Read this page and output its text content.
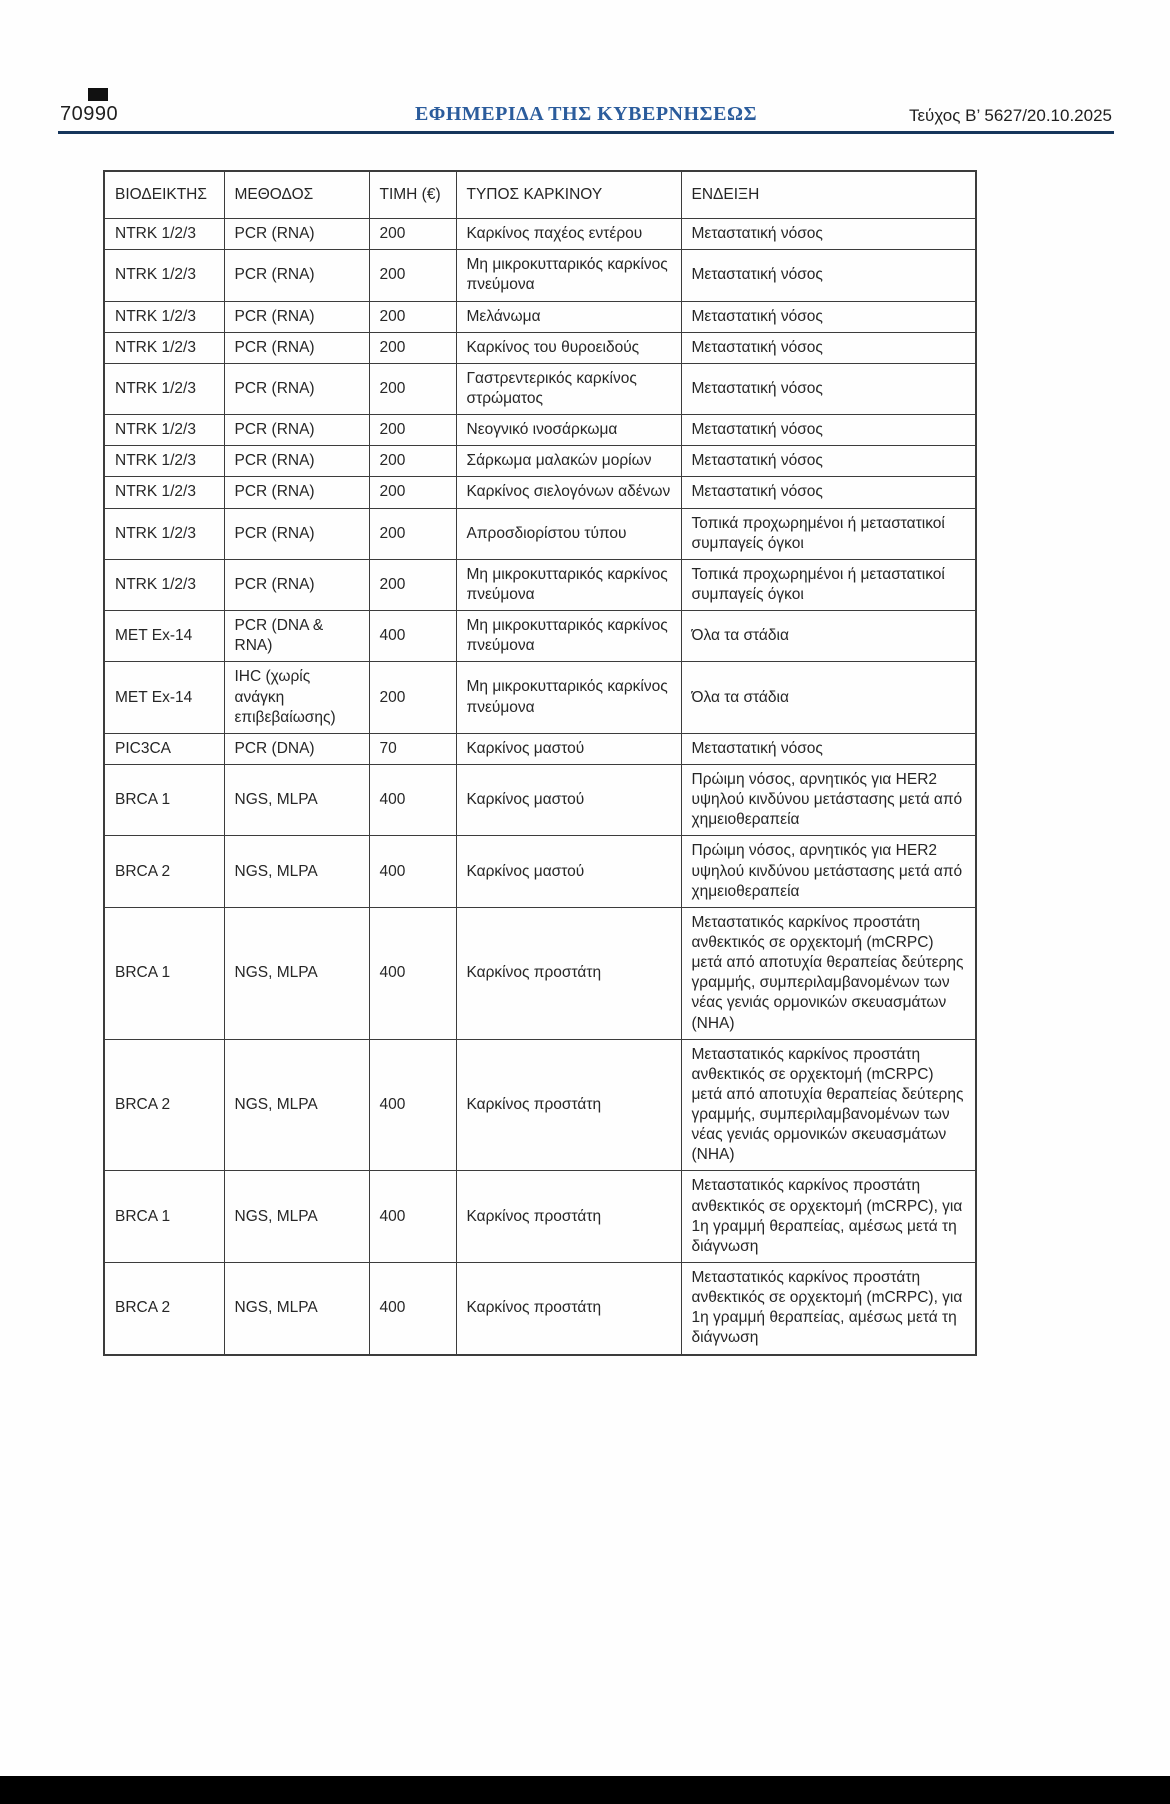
70990	ΕΦΗΜΕΡΙΔΑ ΤΗΣ ΚΥΒΕΡΝΗΣΕΩΣ	Τεύχος Β’ 5627/20.10.2025
ΒΙΟΔΕΙΚΤΗΣ	ΜΕΘΟΔΟΣ	ΤΙΜΗ (€)	ΤΥΠΟΣ ΚΑΡΚΙΝΟΥ	ΕΝΔΕΙΞΗ
NTRK 1/2/3	PCR (RNA)	200	Καρκίνος παχέος εντέρου	Μεταστατική νόσος
NTRK 1/2/3	PCR (RNA)	200	Μη μικροκυτταρικός καρκίνος πνεύμονα	Μεταστατική νόσος
NTRK 1/2/3	PCR (RNA)	200	Μελάνωμα	Μεταστατική νόσος
NTRK 1/2/3	PCR (RNA)	200	Καρκίνος του θυροειδούς	Μεταστατική νόσος
NTRK 1/2/3	PCR (RNA)	200	Γαστρεντερικός καρκίνος στρώματος	Μεταστατική νόσος
NTRK 1/2/3	PCR (RNA)	200	Νεογνικό ινοσάρκωμα	Μεταστατική νόσος
NTRK 1/2/3	PCR (RNA)	200	Σάρκωμα μαλακών μορίων	Μεταστατική νόσος
NTRK 1/2/3	PCR (RNA)	200	Καρκίνος σιελογόνων αδένων	Μεταστατική νόσος
NTRK 1/2/3	PCR (RNA)	200	Απροσδιορίστου τύπου	Τοπικά προχωρημένοι ή μεταστατικοί συμπαγείς όγκοι
NTRK 1/2/3	PCR (RNA)	200	Μη μικροκυτταρικός καρκίνος πνεύμονα	Τοπικά προχωρημένοι ή μεταστατικοί συμπαγείς όγκοι
MET Ex-14	PCR (DNA & RNA)	400	Μη μικροκυτταρικός καρκίνος πνεύμονα	Όλα τα στάδια
MET Ex-14	IHC (χωρίς ανάγκη επιβεβαίωσης)	200	Μη μικροκυτταρικός καρκίνος πνεύμονα	Όλα τα στάδια
PIC3CA	PCR (DNA)	70	Καρκίνος μαστού	Μεταστατική νόσος
BRCA 1	NGS, MLPA	400	Καρκίνος μαστού	Πρώιμη νόσος, αρνητικός για HER2 υψηλού κινδύνου μετάστασης μετά από χημειοθεραπεία
BRCA 2	NGS, MLPA	400	Καρκίνος μαστού	Πρώιμη νόσος, αρνητικός για HER2 υψηλού κινδύνου μετάστασης μετά από χημειοθεραπεία
BRCA 1	NGS, MLPA	400	Καρκίνος προστάτη	Μεταστατικός καρκίνος προστάτη ανθεκτικός σε ορχεκτομή (mCRPC) μετά από αποτυχία θεραπείας δεύτερης γραμμής, συμπεριλαμβανομένων των νέας γενιάς ορμονικών σκευασμάτων (NHA)
BRCA 2	NGS, MLPA	400	Καρκίνος προστάτη	Μεταστατικός καρκίνος προστάτη ανθεκτικός σε ορχεκτομή (mCRPC) μετά από αποτυχία θεραπείας δεύτερης γραμμής, συμπεριλαμβανομένων των νέας γενιάς ορμονικών σκευασμάτων (NHA)
BRCA 1	NGS, MLPA	400	Καρκίνος προστάτη	Μεταστατικός καρκίνος προστάτη ανθεκτικός σε ορχεκτομή (mCRPC), για 1η γραμμή θεραπείας, αμέσως μετά τη διάγνωση
BRCA 2	NGS, MLPA	400	Καρκίνος προστάτη	Μεταστατικός καρκίνος προστάτη ανθεκτικός σε ορχεκτομή (mCRPC), για 1η γραμμή θεραπείας, αμέσως μετά τη διάγνωση
